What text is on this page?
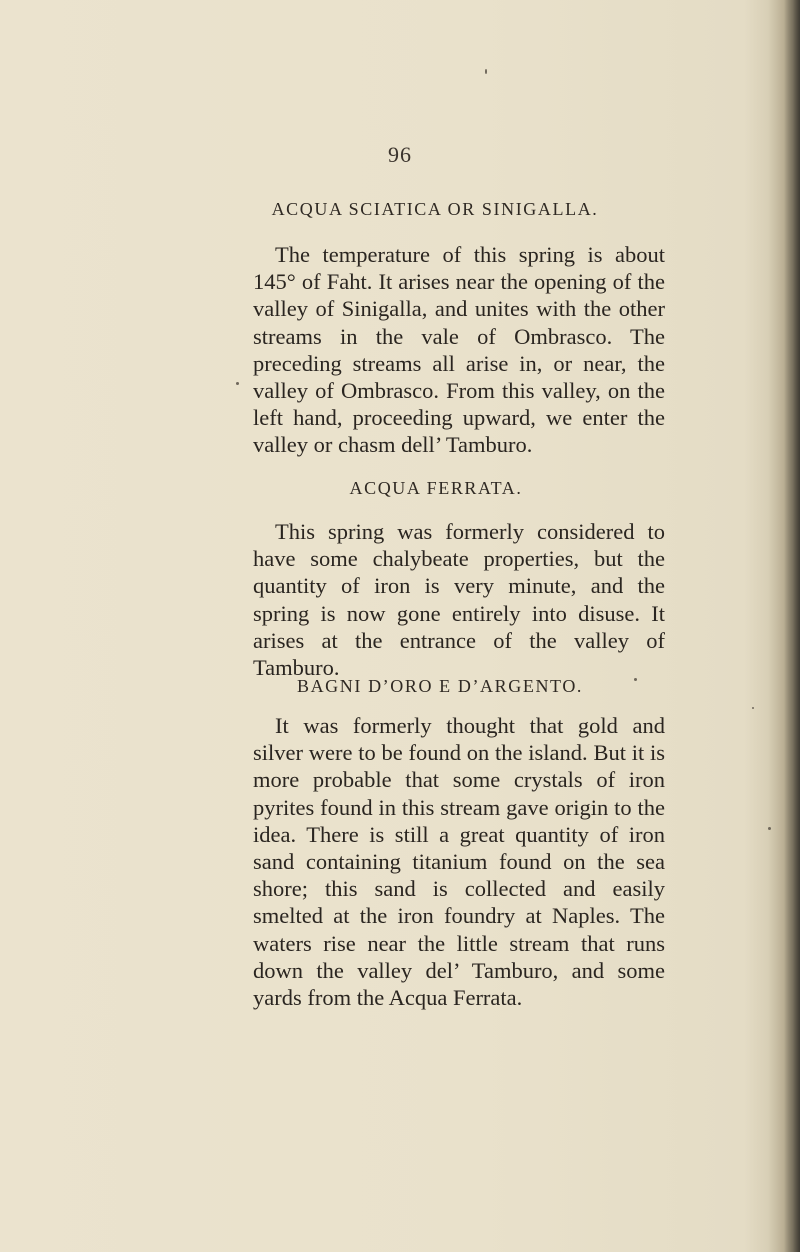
96
ACQUA SCIATICA OR SINIGALLA.
The temperature of this spring is about 145° of Faht. It arises near the opening of the valley of Sinigalla, and unites with the other streams in the vale of Ombrasco. The preceding streams all arise in, or near, the valley of Ombrasco. From this valley, on the left hand, proceeding upward, we enter the valley or chasm dell’ Tamburo.
ACQUA FERRATA.
This spring was formerly considered to have some chalybeate properties, but the quantity of iron is very minute, and the spring is now gone entirely into disuse. It arises at the entrance of the valley of Tamburo.
BAGNI D’ORO E D’ARGENTO.
It was formerly thought that gold and silver were to be found on the island. But it is more probable that some crystals of iron pyrites found in this stream gave origin to the idea. There is still a great quantity of iron sand containing titanium found on the sea shore; this sand is collected and easily smelted at the iron foundry at Naples. The waters rise near the little stream that runs down the valley del’ Tamburo, and some yards from the Acqua Ferrata.
